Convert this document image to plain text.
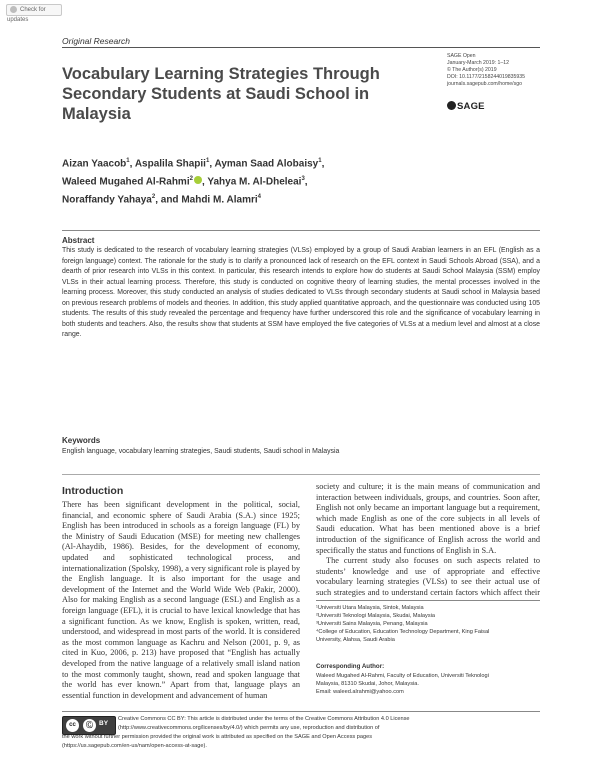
Check for updates
Original Research
Vocabulary Learning Strategies Through Secondary Students at Saudi School in Malaysia
SAGE Open
January-March 2019: 1–12
© The Author(s) 2019
DOI: 10.1177/2158244019835935
journals.sagepub.com/home/sgo
SAGE
Aizan Yaacob$^1$, Aspalila Shapii$^1$, Ayman Saad Alobaisy$^1$,
Waleed Mugahed Al-Rahmi$^2$ , Yahya M. Al-Dheleai$^3$,
Noraffandy Yahaya$^2$, and Mahdi M. Alamri$^4$
Abstract
This study is dedicated to the research of vocabulary learning strategies (VLSs) employed by a group of Saudi Arabian learners in an EFL (English as a foreign language) context. The rationale for the study is to clarify a pronounced lack of research on the EFL context in Saudi Schools Abroad (SSA), and a dearth of prior research into VLSs in this context. In particular, this research intends to explore how do students at Saudi School Malaysia (SSM) employ VLSs in their actual learning process. Therefore, this study is conducted on cognitive theory of learning studies, the mental processes involved in the learning process. Moreover, this study conducted an analysis of studies dedicated to VLSs through secondary students at Saudi school in Malaysia based on previous research problems of models and theories. In addition, this study applied quantitative approach, and the questionnaire was conducted using 105 students. The results of this study revealed the percentage and frequency have further underscored this role and the significance of vocabulary learning in both students and teachers. Also, the results show that students at SSM have employed the five categories of VLSs at a medium level and almost at a close range.
Keywords
English language, vocabulary learning strategies, Saudi students, Saudi school in Malaysia
Introduction

There has been significant development in the political, social, financial, and economic sphere of Saudi Arabia (S.A.) since 1925; English has been introduced in schools as a foreign language (FL) by the Ministry of Saudi Education (MSE) for meeting new challenges (Al-Ahaydib, 1986). Besides, for the development of economy, updated and sophisticated technological process, and internationalization (Spolsky, 1998), a very significant role is played by the English language. It is also important for the usage and development of the Internet and the World Wide Web (Pakir, 2000). Also for making English as a second language (ESL) and English as a foreign language (EFL), it is crucial to have lexical knowledge that has a significant function. As we know, English is spoken, written, read, understood, and widespread in most parts of the world. It is considered as the most common language as Kachru and Nelson (2001, p. 9, as cited in Kuo, 2006, p. 213) have proposed that “English has actually developed from the native language of a relatively small island nation to the most commonly taught, shown, read and spoken language that the world has ever known.” Apart from that, language plays an essential function in development and advancement of human

society and culture; it is the main means of communication and interaction between individuals, groups, and countries. Soon after, English not only became an important language but a requirement, which made English as one of the core subjects in all levels of Saudi education. What has been mentioned above is a brief introduction of the significance of English across the world and specifically the status and functions of English in S.A.

The current study also focuses on such aspects related to students’ knowledge and use of appropriate and effective vocabulary learning strategies (VLSs) to see their actual use of such strategies and to understand certain factors which affect their

¹Universiti Utara Malaysia, Sintok, Malaysia
²Universiti Teknologi Malaysia, Skudai, Malaysia
³Universiti Sains Malaysia, Penang, Malaysia
⁴College of Education, Education Technology Department, King Faisal
University, Alahsa, Saudi Arabia
Corresponding Author:
Waleed Mugahed Al-Rahmi, Faculty of Education, Universiti Teknologi
Malaysia, 81310 Skudai, Johor, Malaysia.
Email: waleed.alrahmi@yahoo.com
cc	Ⓒ BY
Creative Commons CC BY: This article is distributed under the terms of the Creative Commons Attribution 4.0 License
(http://www.creativecommons.org/licenses/by/4.0/) which permits any use, reproduction and distribution of
the work without further permission provided the original work is attributed as specified on the SAGE and Open Access pages
(https://us.sagepub.com/en-us/nam/open-access-at-sage).
